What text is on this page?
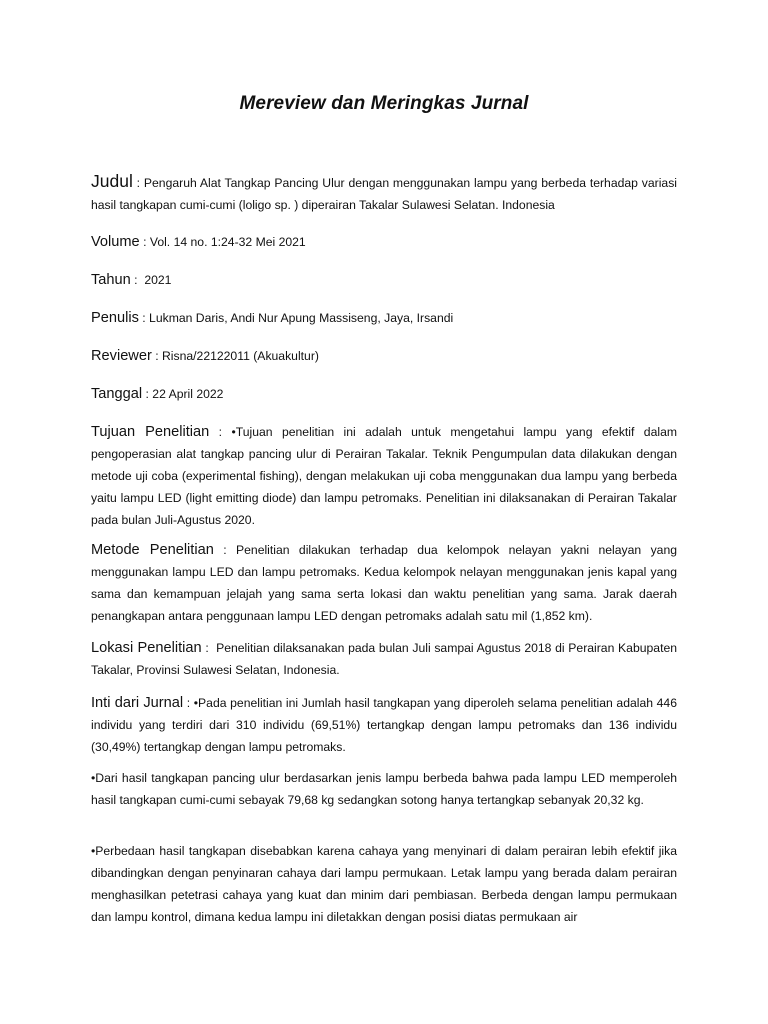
Mereview dan Meringkas Jurnal
Judul : Pengaruh Alat Tangkap Pancing Ulur dengan menggunakan lampu yang berbeda terhadap variasi hasil tangkapan cumi-cumi (loligo sp. ) diperairan Takalar Sulawesi Selatan. Indonesia
Volume : Vol. 14 no. 1:24-32 Mei 2021
Tahun :  2021
Penulis : Lukman Daris, Andi Nur Apung Massiseng, Jaya, Irsandi
Reviewer : Risna/22122011 (Akuakultur)
Tanggal : 22 April 2022
Tujuan Penelitian : •Tujuan penelitian ini adalah untuk mengetahui lampu yang efektif dalam pengoperasian alat tangkap pancing ulur di Perairan Takalar. Teknik Pengumpulan data dilakukan dengan metode uji coba (experimental fishing), dengan melakukan uji coba menggunakan dua lampu yang berbeda yaitu lampu LED (light emitting diode) dan lampu petromaks. Penelitian ini dilaksanakan di Perairan Takalar pada bulan Juli-Agustus 2020.
Metode Penelitian : Penelitian dilakukan terhadap dua kelompok nelayan yakni nelayan yang menggunakan lampu LED dan lampu petromaks. Kedua kelompok nelayan menggunakan jenis kapal yang sama dan kemampuan jelajah yang sama serta lokasi dan waktu penelitian yang sama. Jarak daerah penangkapan antara penggunaan lampu LED dengan petromaks adalah satu mil (1,852 km).
Lokasi Penelitian :  Penelitian dilaksanakan pada bulan Juli sampai Agustus 2018 di Perairan Kabupaten Takalar, Provinsi Sulawesi Selatan, Indonesia.
Inti dari Jurnal : •Pada penelitian ini Jumlah hasil tangkapan yang diperoleh selama penelitian adalah 446 individu yang terdiri dari 310 individu (69,51%) tertangkap dengan lampu petromaks dan 136 individu (30,49%) tertangkap dengan lampu petromaks.
•Dari hasil tangkapan pancing ulur berdasarkan jenis lampu berbeda bahwa pada lampu LED memperoleh hasil tangkapan cumi-cumi sebayak 79,68 kg sedangkan sotong hanya tertangkap sebanyak 20,32 kg.
•Perbedaan hasil tangkapan disebabkan karena cahaya yang menyinari di dalam perairan lebih efektif jika dibandingkan dengan penyinaran cahaya dari lampu permukaan. Letak lampu yang berada dalam perairan menghasilkan petetrasi cahaya yang kuat dan minim dari pembiasan. Berbeda dengan lampu permukaan dan lampu kontrol, dimana kedua lampu ini diletakkan dengan posisi diatas permukaan air
